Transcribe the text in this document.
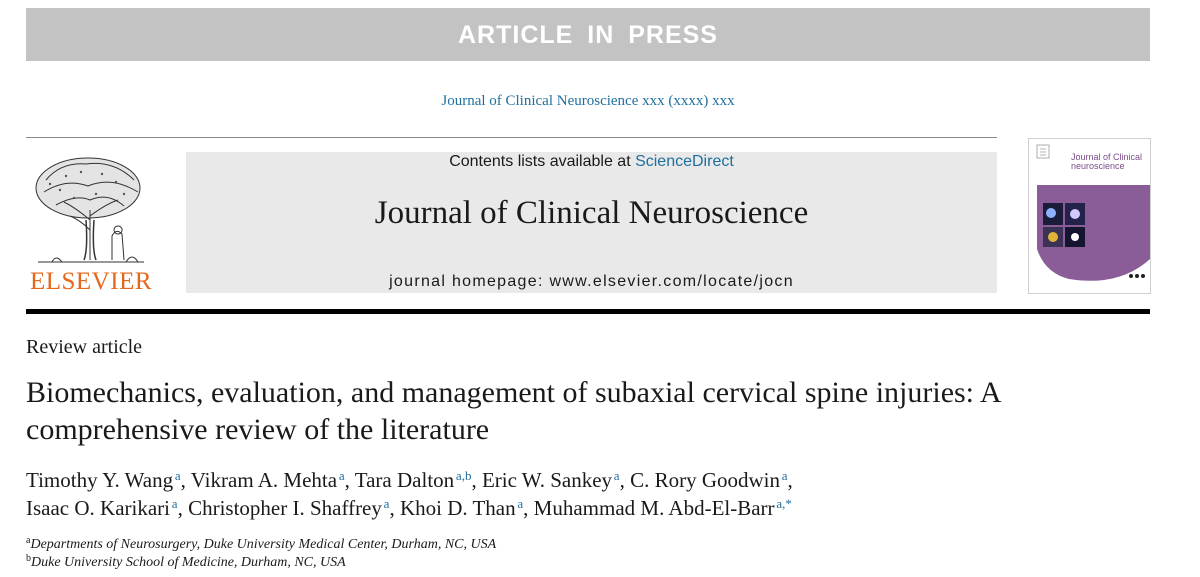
ARTICLE IN PRESS
Journal of Clinical Neuroscience xxx (xxxx) xxx
ELSEVIER
Contents lists available at ScienceDirect
Journal of Clinical Neuroscience
journal homepage: www.elsevier.com/locate/jocn
Journal of Clinical
neuroscience
Review article
Biomechanics, evaluation, and management of subaxial cervical spine injuries: A comprehensive review of the literature
Timothy Y. Wang  $^a$, Vikram A. Mehta  $^a$, Tara Dalton  $^{a,b}$, Eric W. Sankey  $^a$, C. Rory Goodwin  $^a$,
Isaac O. Karikari  $^a$, Christopher I. Shaffrey  $^a$, Khoi D. Than  $^a$, Muhammad M. Abd-El-Barr  $^{a,*}$
$^a$Departments of Neurosurgery, Duke University Medical Center, Durham, NC, USA
$^b$Duke University School of Medicine, Durham, NC, USA
